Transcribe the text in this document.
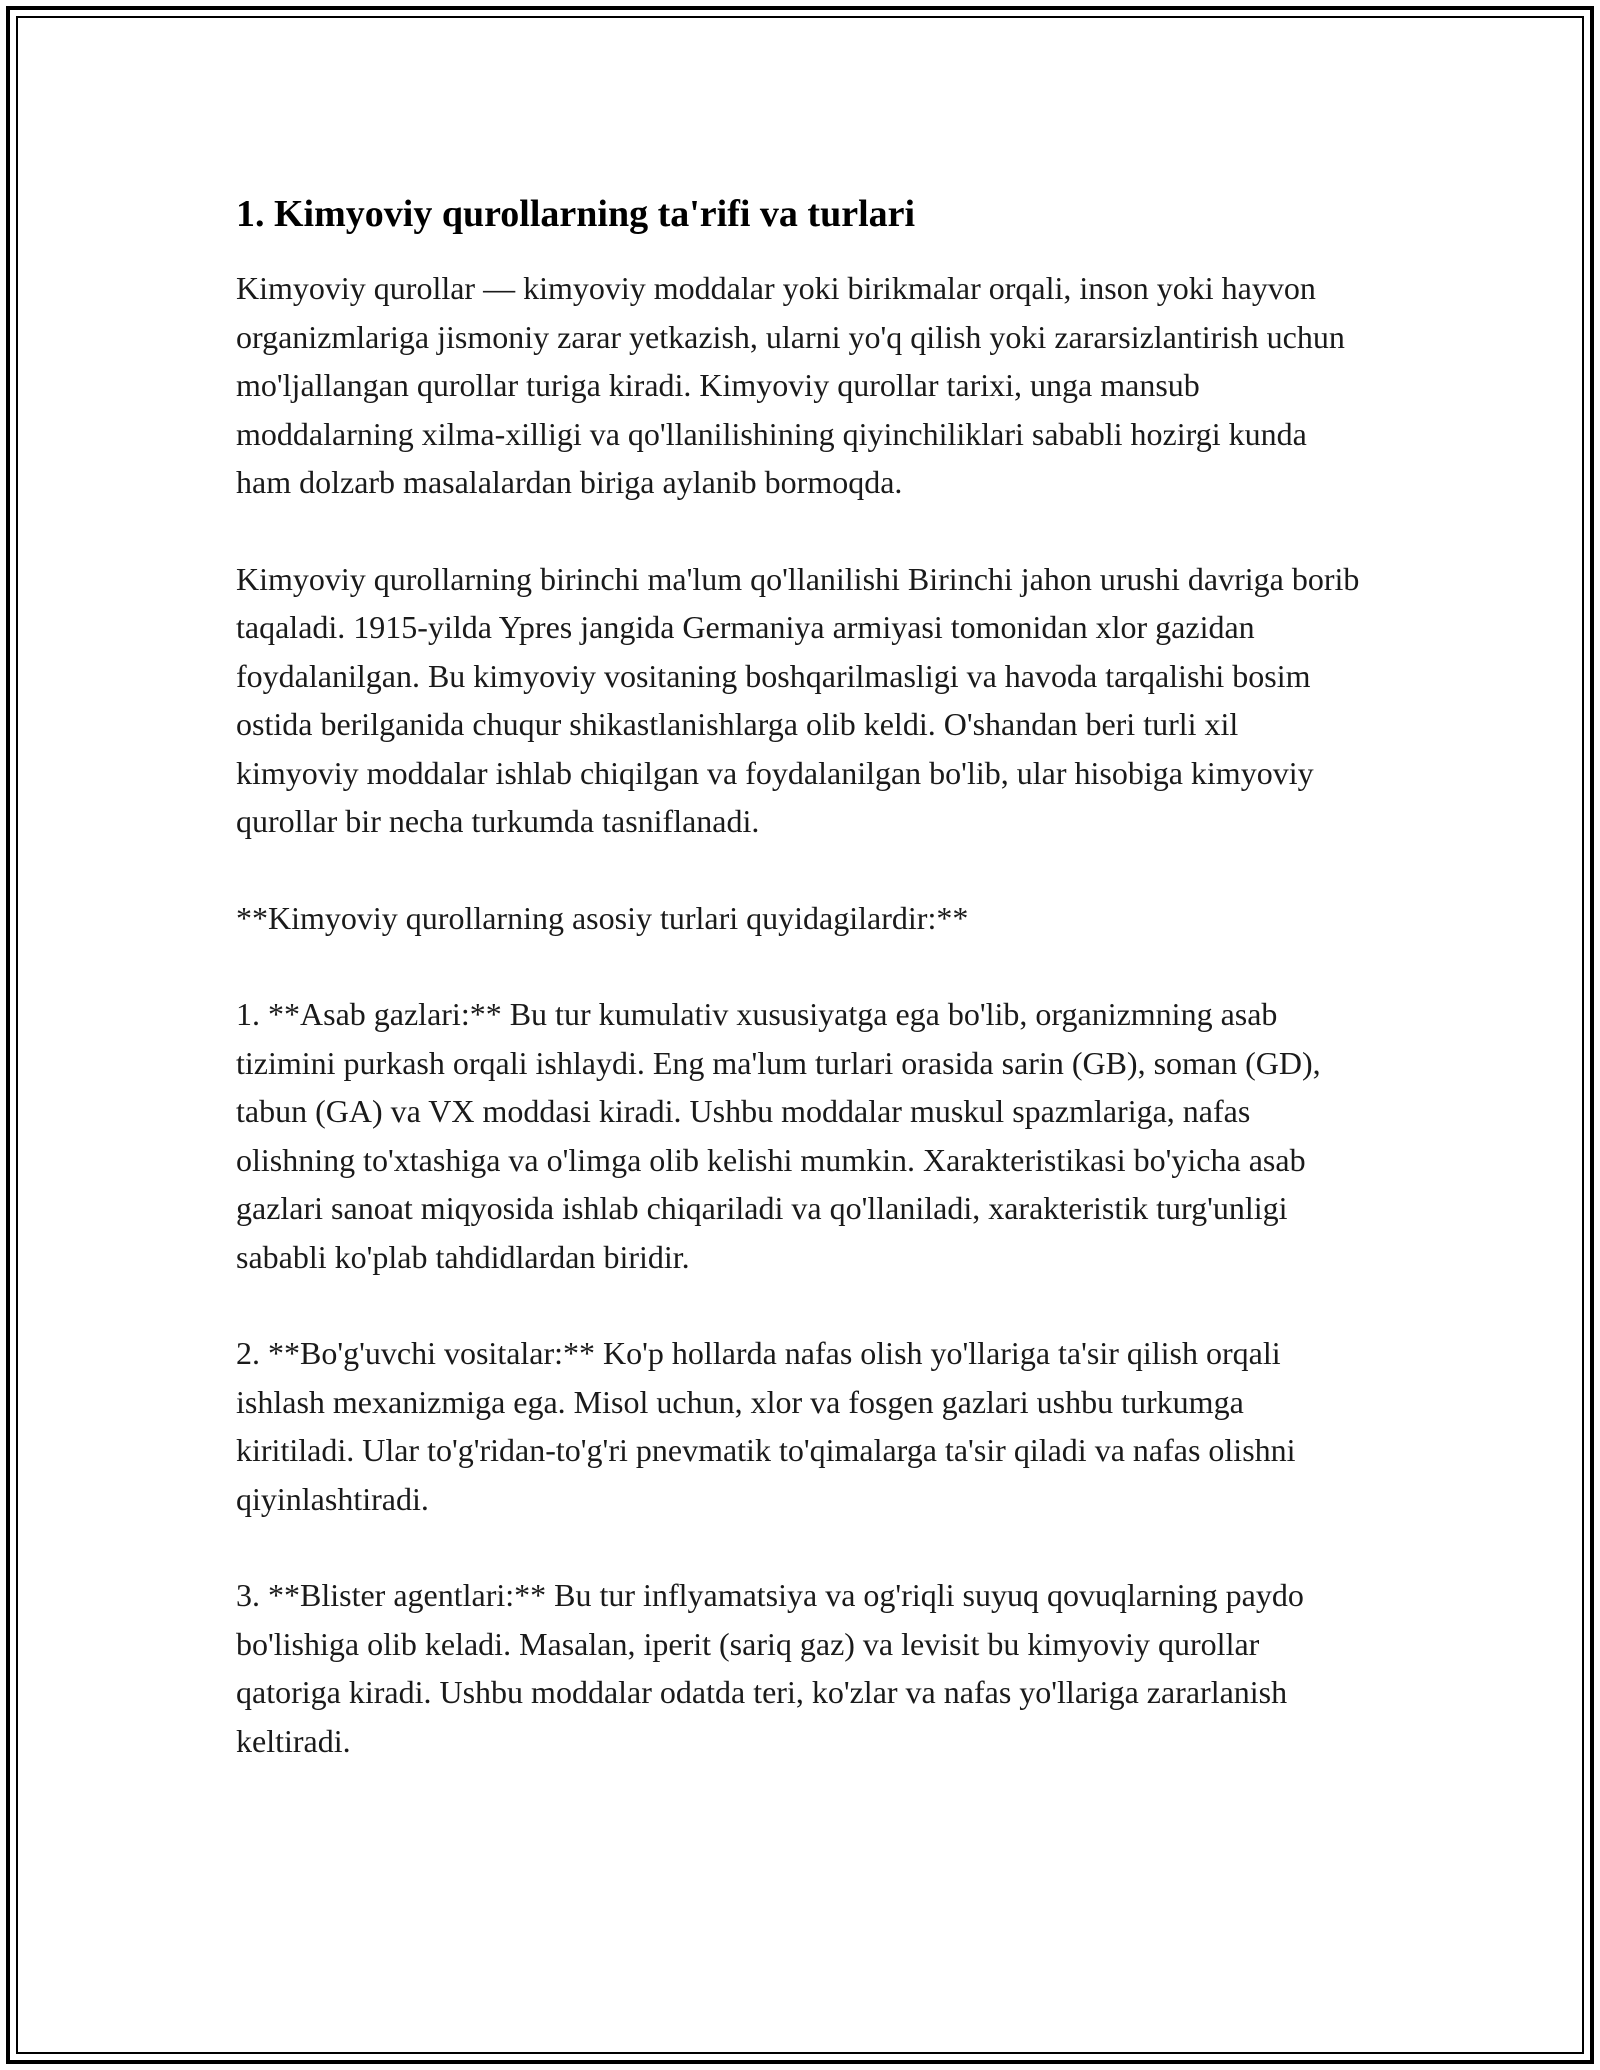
1. Kimyoviy qurollarning ta'rifi va turlari

Kimyoviy qurollar — kimyoviy moddalar yoki birikmalar orqali, inson yoki hayvon organizmlariga jismoniy zarar yetkazish, ularni yo'q qilish yoki zararsizlantirish uchun mo'ljallangan qurollar turiga kiradi. Kimyoviy qurollar tarixi, unga mansub moddalarning xilma-xilligi va qo'llanilishining qiyinchiliklari sababli hozirgi kunda ham dolzarb masalalardan biriga aylanib bormoqda.

Kimyoviy qurollarning birinchi ma'lum qo'llanilishi Birinchi jahon urushi davriga borib taqaladi. 1915-yilda Ypres jangida Germaniya armiyasi tomonidan xlor gazidan foydalanilgan. Bu kimyoviy vositaning boshqarilmasligi va havoda tarqalishi bosim ostida berilganida chuqur shikastlanishlarga olib keldi. O'shandan beri turli xil kimyoviy moddalar ishlab chiqilgan va foydalanilgan bo'lib, ular hisobiga kimyoviy qurollar bir necha turkumda tasniflanadi.

**Kimyoviy qurollarning asosiy turlari quyidagilardir:**

1. **Asab gazlari:** Bu tur kumulativ xususiyatga ega bo'lib, organizmning asab tizimini purkash orqali ishlaydi. Eng ma'lum turlari orasida sarin (GB), soman (GD), tabun (GA) va VX moddasi kiradi. Ushbu moddalar muskul spazmlariga, nafas olishning to'xtashiga va o'limga olib kelishi mumkin. Xarakteristikasi bo'yicha asab gazlari sanoat miqyosida ishlab chiqariladi va qo'llaniladi, xarakteristik turg'unligi sababli ko'plab tahdidlardan biridir.

2. **Bo'g'uvchi vositalar:** Ko'p hollarda nafas olish yo'llariga ta'sir qilish orqali ishlash mexanizmiga ega. Misol uchun, xlor va fosgen gazlari ushbu turkumga kiritiladi. Ular to'g'ridan-to'g'ri pnevmatik to'qimalarga ta'sir qiladi va nafas olishni qiyinlashtiradi.

3. **Blister agentlari:** Bu tur inflyamatsiya va og'riqli suyuq qovuqlarning paydo bo'lishiga olib keladi. Masalan, iperit (sariq gaz) va levisit bu kimyoviy qurollar qatoriga kiradi. Ushbu moddalar odatda teri, ko'zlar va nafas yo'llariga zararlanish keltiradi.
